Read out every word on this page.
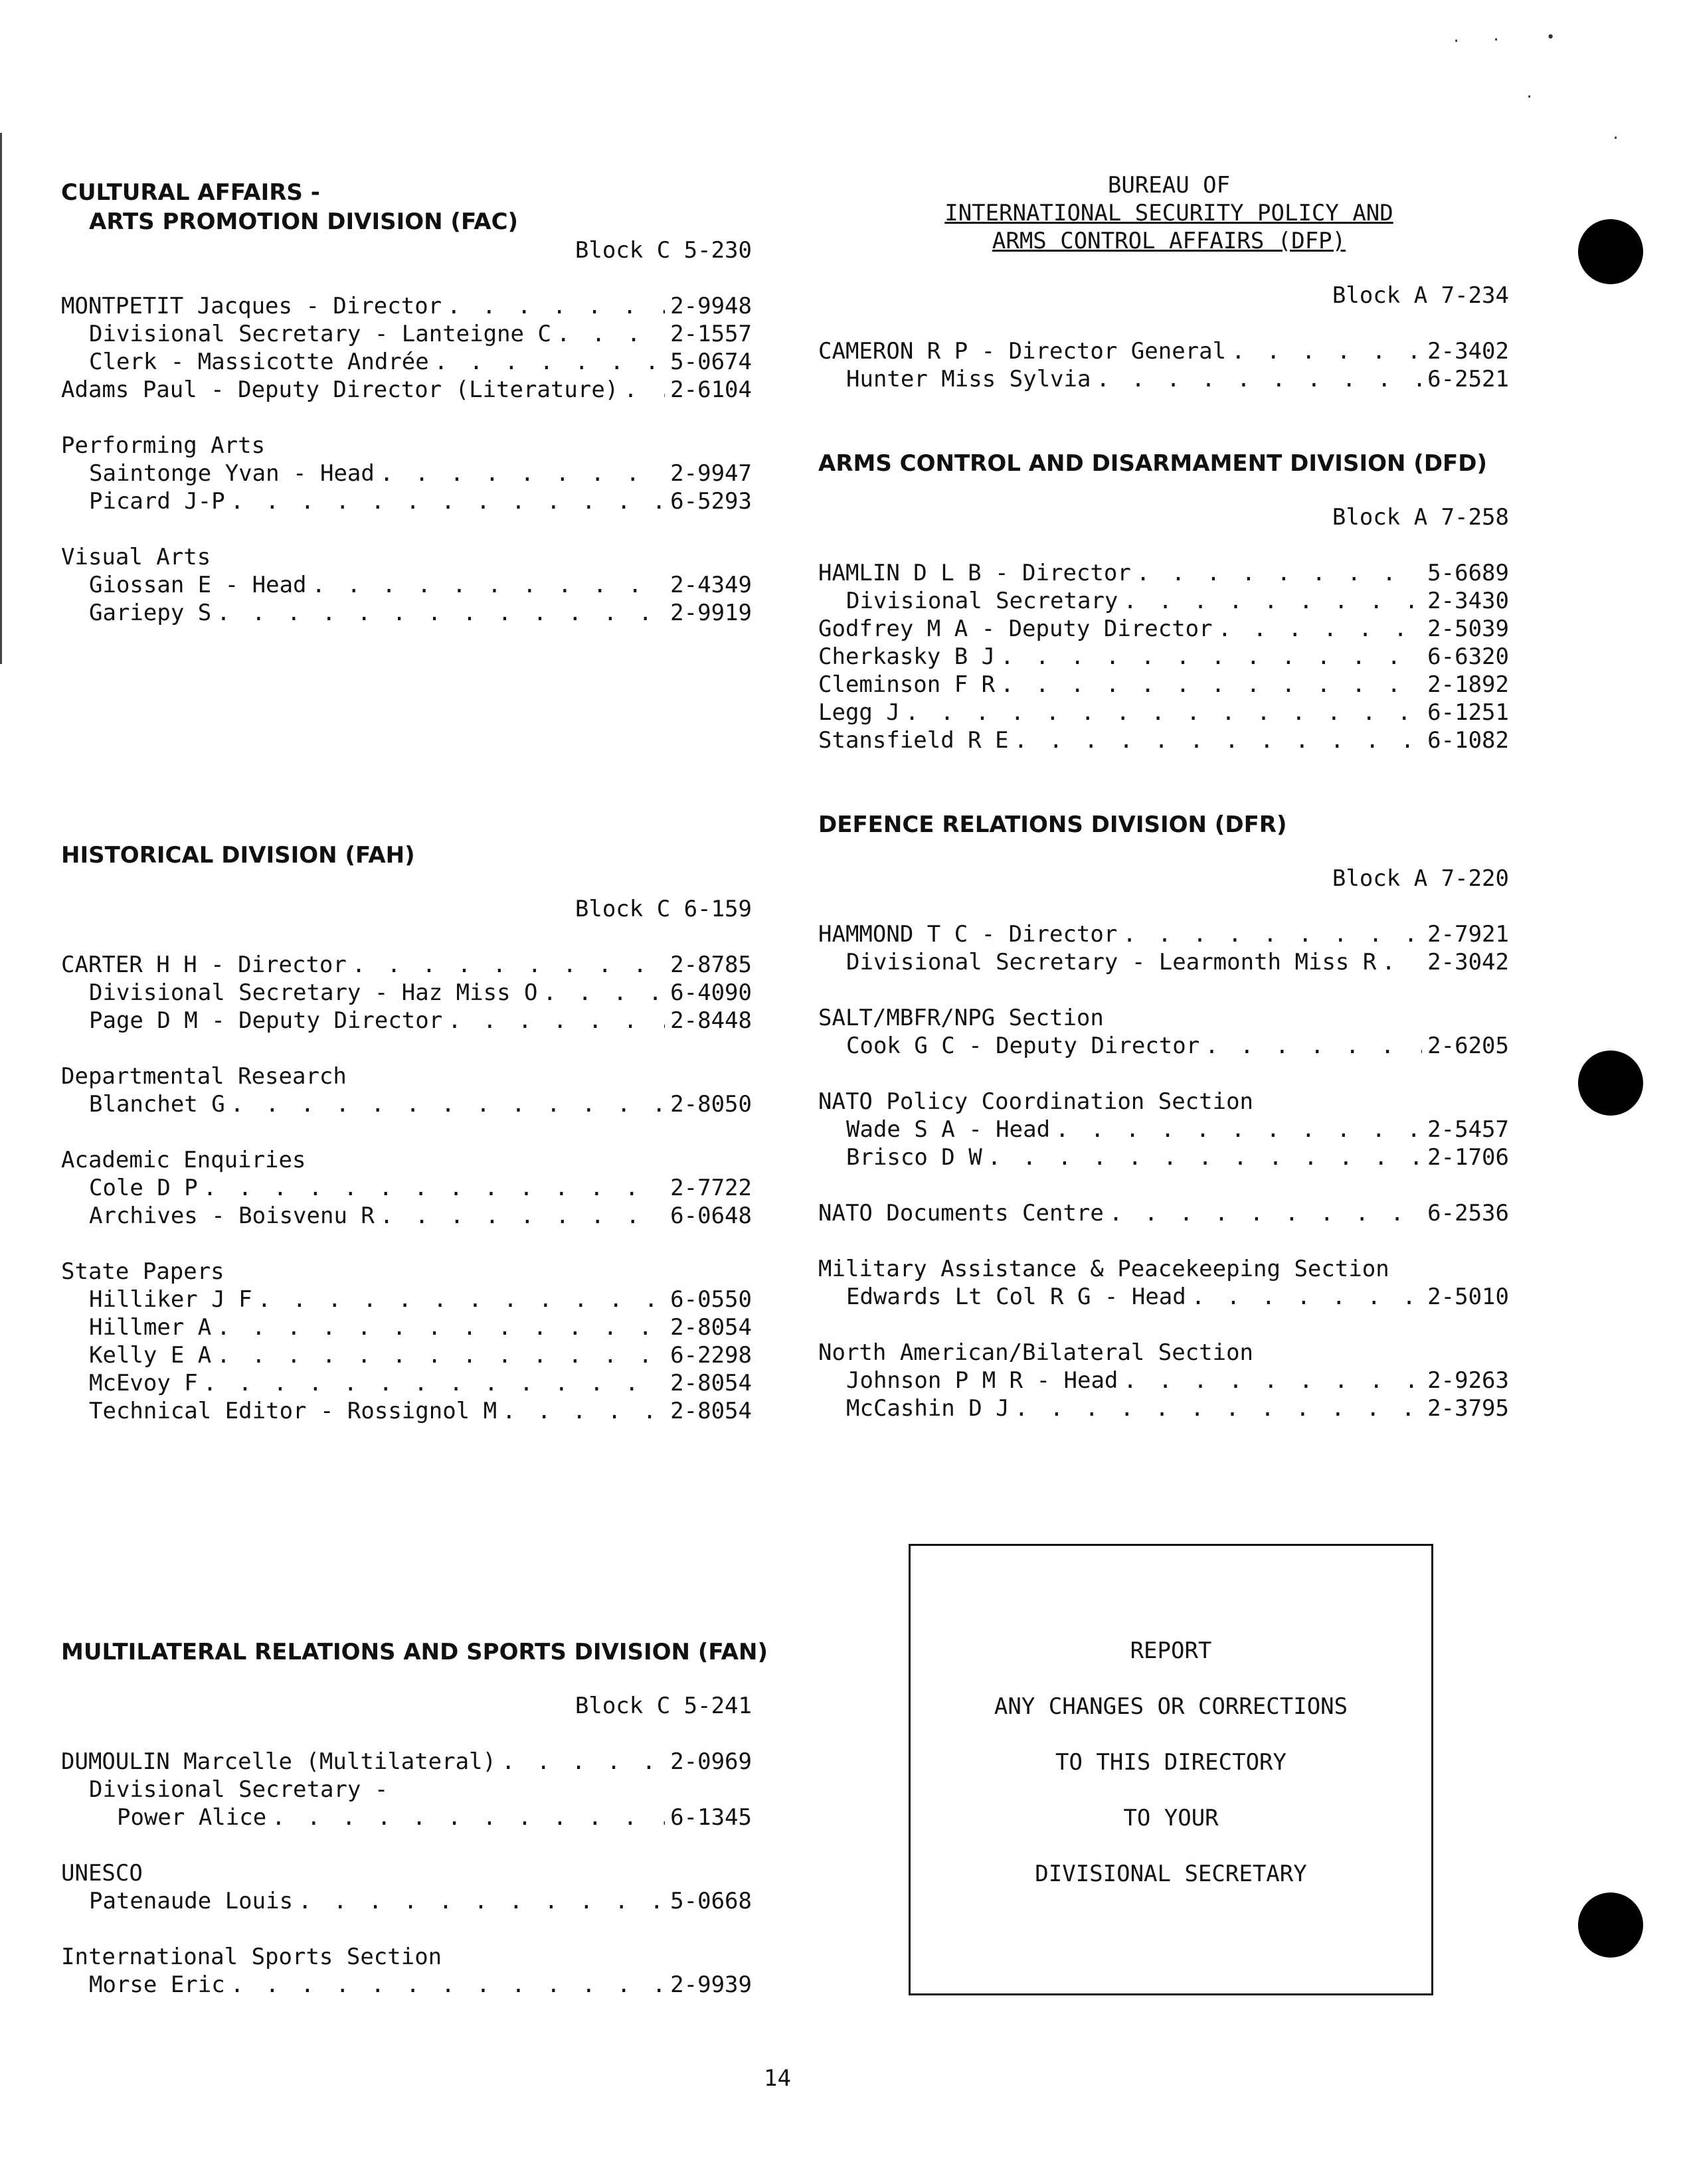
CULTURAL AFFAIRS -
ARTS PROMOTION DIVISION (FAC)
Block C 5-230
MONTPETIT Jacques - Director . . .	2-9948
Divisional Secretary - Lanteigne C . . .	2-1557
Clerk - Massicotte Andrée . . .	5-0674
Adams Paul - Deputy Director (Literature) . . . 2-6104
Performing Arts
Saintonge Yvan - Head . . .	2-9947
Picard J-P . . .	6-5293
Visual Arts
Giossan E - Head . . .	2-4349
Gariepy S . . .	2-9919
HISTORICAL DIVISION (FAH)
Block C 6-159
CARTER H H - Director . . .	2-8785
Divisional Secretary - Haz Miss O . . .	6-4090
Page D M - Deputy Director . . .	2-8448
Departmental Research
Blanchet G . . .	2-8050
Academic Enquiries
Cole D P . . .	2-7722
Archives - Boisvenu R . . .	6-0648
State Papers
Hilliker J F . . .	6-0550
Hillmer A . . .	2-8054
Kelly E A . . .	6-2298
McEvoy F . . .	2-8054
Technical Editor - Rossignol M . . .	2-8054
MULTILATERAL RELATIONS AND SPORTS DIVISION (FAN)
Block C 5-241
DUMOULIN Marcelle (Multilateral) . . .	2-0969
Divisional Secretary -
Power Alice . . .	6-1345
UNESCO
Patenaude Louis . . .	5-0668
International Sports Section
Morse Eric . . .	2-9939
BUREAU OF
INTERNATIONAL SECURITY POLICY AND
ARMS CONTROL AFFAIRS (DFP)
Block A 7-234
CAMERON R P - Director General . . .	2-3402
Hunter Miss Sylvia . . .	6-2521
ARMS CONTROL AND DISARMAMENT DIVISION (DFD)
Block A 7-258
HAMLIN D L B - Director . . .	5-6689
Divisional Secretary . . .	2-3430
Godfrey M A - Deputy Director . . .	2-5039
Cherkasky B J . . .	6-6320
Cleminson F R . . .	2-1892
Legg J . . .	6-1251
Stansfield R E . . .	6-1082
DEFENCE RELATIONS DIVISION (DFR)
Block A 7-220
HAMMOND T C - Director . . .	2-7921
Divisional Secretary - Learmonth Miss R . . . 2-3042
SALT/MBFR/NPG Section
Cook G C - Deputy Director . . .	2-6205
NATO Policy Coordination Section
Wade S A - Head . . .	2-5457
Brisco D W . . .	2-1706
NATO Documents Centre . . .	6-2536
Military Assistance & Peacekeeping Section
Edwards Lt Col R G - Head . . .	2-5010
North American/Bilateral Section
Johnson P M R - Head . . .	2-9263
McCashin D J . . .	2-3795
REPORT
ANY CHANGES OR CORRECTIONS
TO THIS DIRECTORY
TO YOUR
DIVISIONAL SECRETARY
· ·	•
·
·
14
